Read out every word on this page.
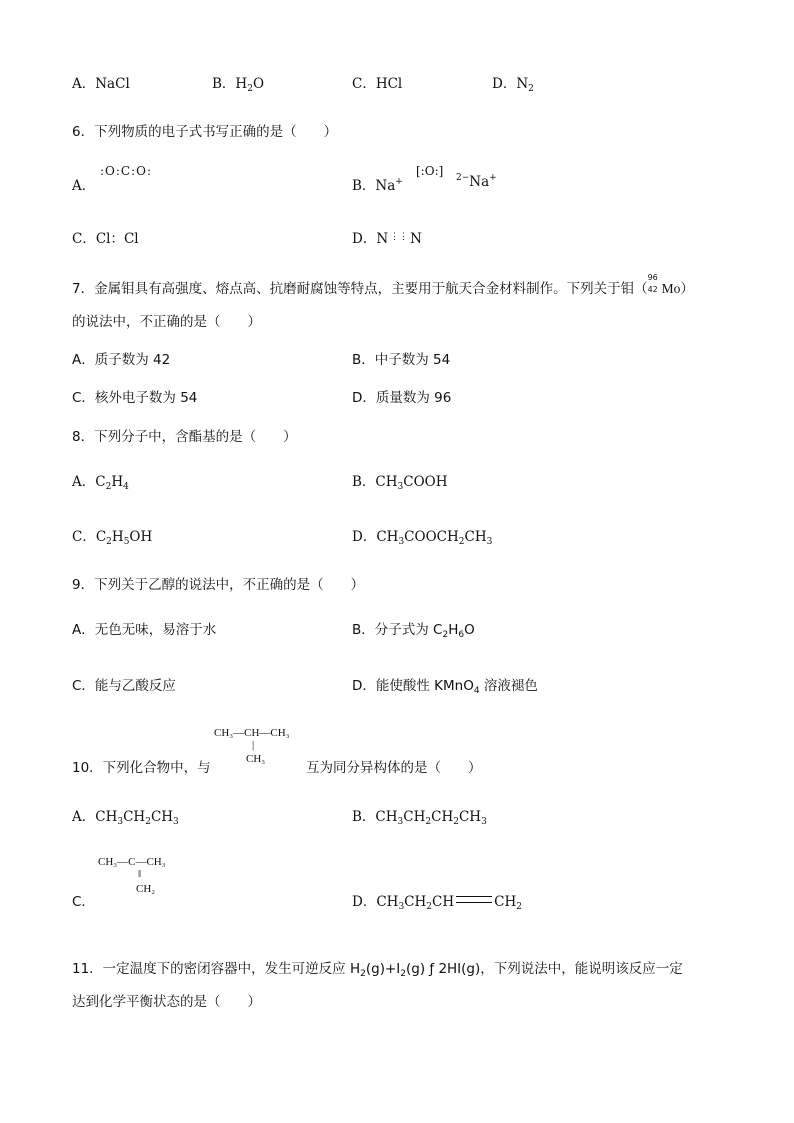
A．NaCl	B．$H_2O$	C．HCl	D．$N_2$
6．下列物质的电子式书写正确的是（　　）
A．
:O:C:O:
B．Na+
[:O:] $^{2-}$Na+
C．Cl：Cl	D．N ⋮⋮ N
7．金属钼具有高强度、熔点高、抗磨耐腐蚀等特点，主要用于航天合金材料制作。下列关于钼（
96
42 Mo）
的说法中，不正确的是（　　）
A．质子数为 42	B．中子数为 54
C．核外电子数为 54	D．质量数为 96
8．下列分子中，含酯基的是（　　）
A．$C_2H_4$	B．$CH_3COOH$
C．$C_2H_5OH$	D．$CH_3COOCH_2CH_3$
9．下列关于乙醇的说法中，不正确的是（　　）
A．无色无味，易溶于水	B．分子式为 $C_2H_6O$
C．能与乙酸反应	D．能使酸性 KMnO$_4$ 溶液褪色
CH₃—CH—CH₃
|
CH₃
10．下列化合物中，与	互为同分异构体的是（　　）
A．$CH_3CH_2CH_3$	B．$CH_3CH_2CH_2CH_3$
CH₃—C—CH₃
‖
CH₂
C．	D．$CH_3CH_2CH$	$CH_2$
11．一定温度下的密闭容器中，发生可逆反应 $H_2(g)+I_2(g)$ ƒ 2HI(g)，下列说法中，能说明该反应一定
达到化学平衡状态的是（　　）
